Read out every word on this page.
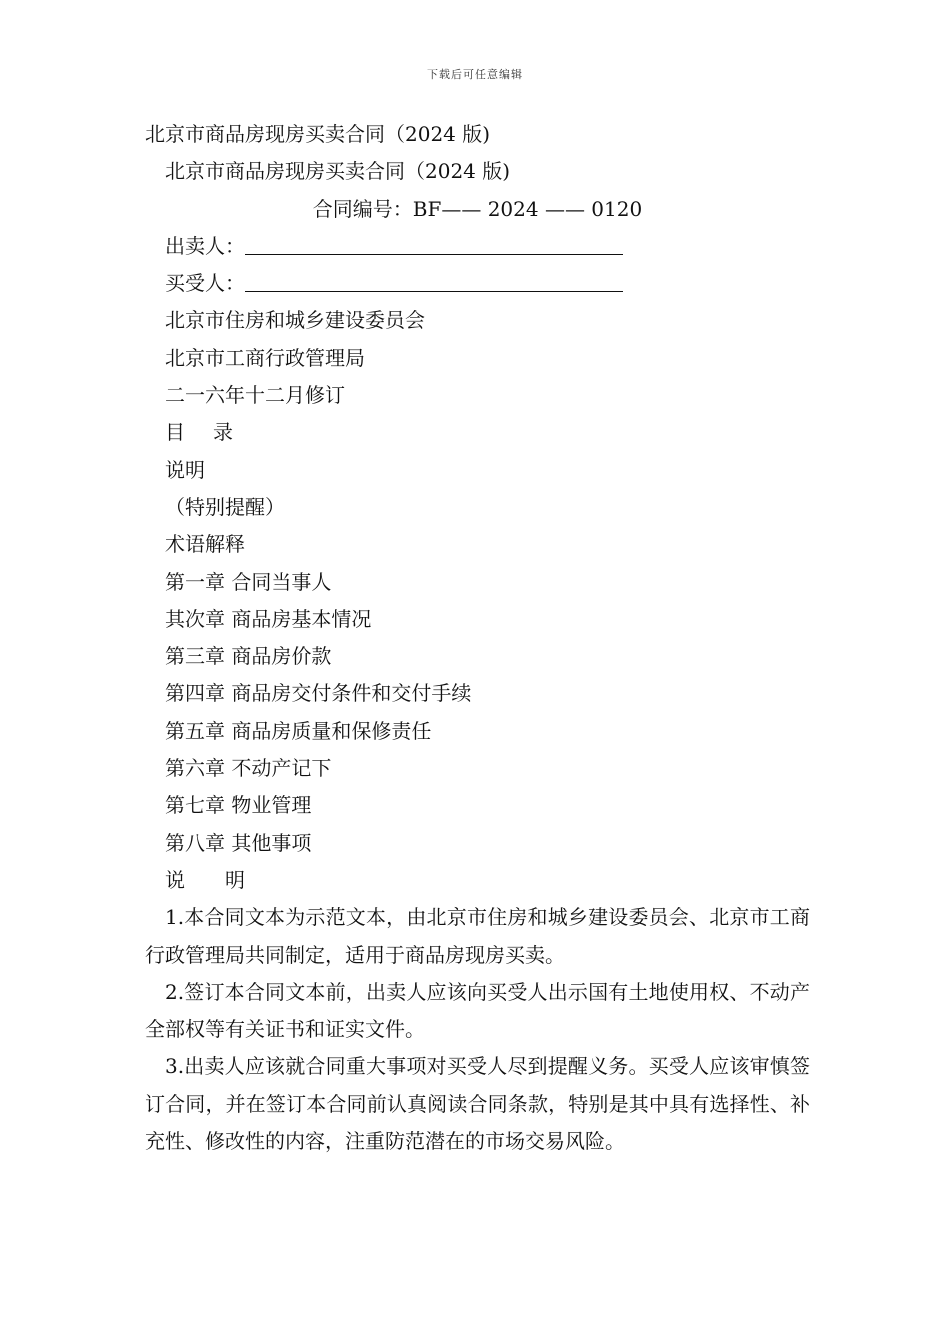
下载后可任意编辑
北京市商品房现房买卖合同（2024 版)
北京市商品房现房买卖合同（2024 版)
合同编号：BF—— 2024 —— 0120
出卖人：
买受人：
北京市住房和城乡建设委员会
北京市工商行政管理局
二一六年十二月修订
目录
说明
（特别提醒）
术语解释
第一章 合同当事人
其次章 商品房基本情况
第三章 商品房价款
第四章 商品房交付条件和交付手续
第五章 商品房质量和保修责任
第六章 不动产记下
第七章 物业管理
第八章 其他事项
说明
1.本合同文本为示范文本，由北京市住房和城乡建设委员会、北京市工商行政管理局共同制定，适用于商品房现房买卖。
2.签订本合同文本前，出卖人应该向买受人出示国有土地使用权、不动产全部权等有关证书和证实文件。
3.出卖人应该就合同重大事项对买受人尽到提醒义务。买受人应该审慎签订合同，并在签订本合同前认真阅读合同条款，特别是其中具有选择性、补充性、修改性的内容，注重防范潜在的市场交易风险。
